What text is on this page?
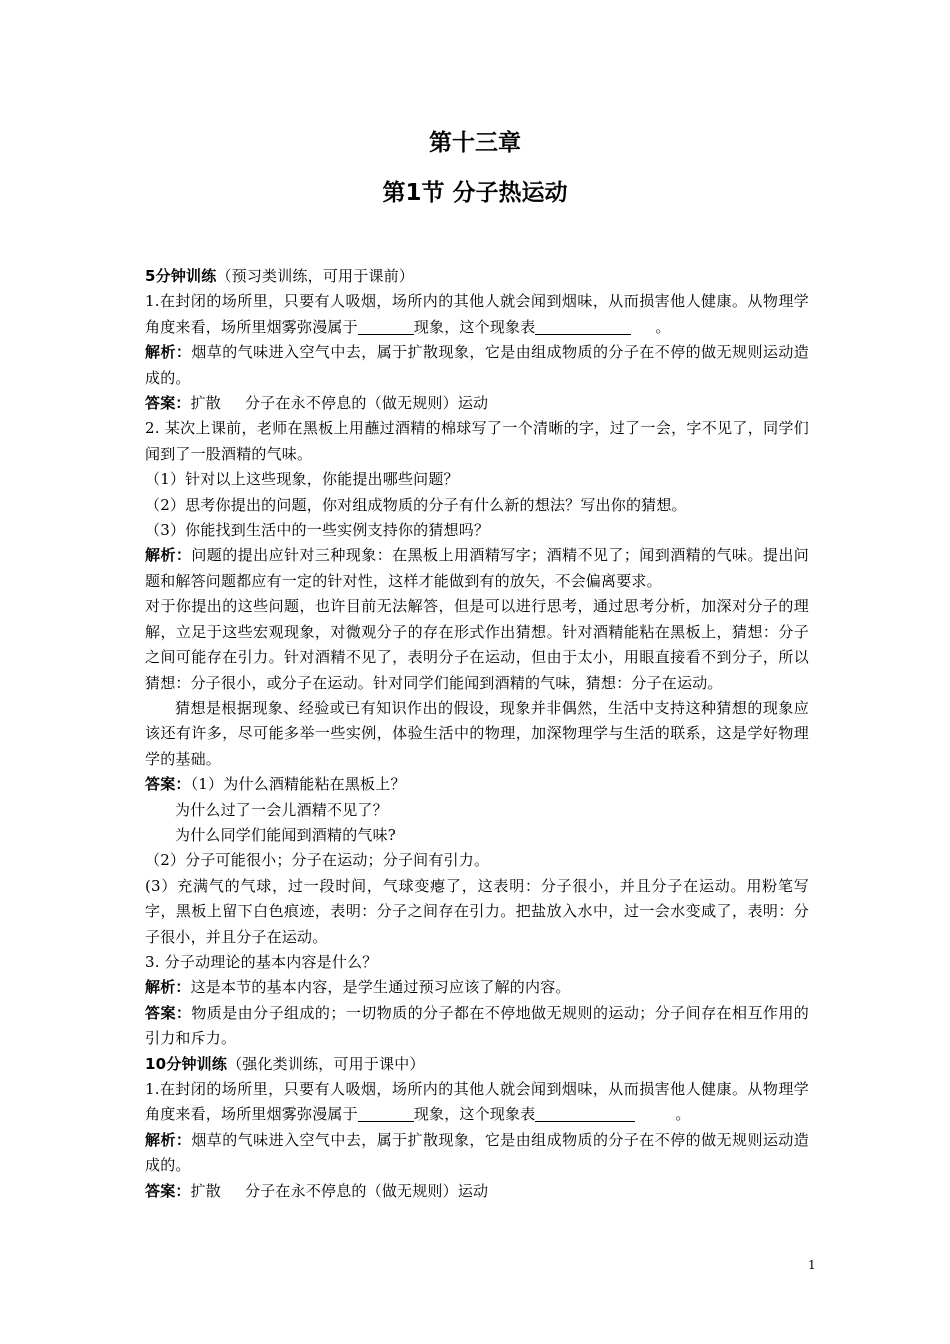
第十三章
第1节 分子热运动

5分钟训练（预习类训练，可用于课前）

1.在封闭的场所里，只要有人吸烟，场所内的其他人就会闻到烟味，从而损害他人健康。从物理学角度来看，场所里烟雾弥漫属于	现象，这个现象表	。

解析：烟草的气味进入空气中去，属于扩散现象，它是由组成物质的分子在不停的做无规则运动造成的。

答案：扩散 分子在永不停息的（做无规则）运动

2. 某次上课前，老师在黑板上用蘸过酒精的棉球写了一个清晰的字，过了一会，字不见了，同学们闻到了一股酒精的气味。

（1）针对以上这些现象，你能提出哪些问题？

（2）思考你提出的问题，你对组成物质的分子有什么新的想法？写出你的猜想。

（3）你能找到生活中的一些实例支持你的猜想吗？

解析：问题的提出应针对三种现象：在黑板上用酒精写字；酒精不见了；闻到酒精的气味。提出问题和解答问题都应有一定的针对性，这样才能做到有的放矢，不会偏离要求。

对于你提出的这些问题，也许目前无法解答，但是可以进行思考，通过思考分析，加深对分子的理解，立足于这些宏观现象，对微观分子的存在形式作出猜想。针对酒精能粘在黑板上，猜想：分子之间可能存在引力。针对酒精不见了，表明分子在运动，但由于太小，用眼直接看不到分子，所以猜想：分子很小，或分子在运动。针对同学们能闻到酒精的气味，猜想：分子在运动。

猜想是根据现象、经验或已有知识作出的假设，现象并非偶然，生活中支持这种猜想的现象应该还有许多，尽可能多举一些实例，体验生活中的物理，加深物理学与生活的联系，这是学好物理学的基础。

答案：（1）为什么酒精能粘在黑板上？

为什么过了一会儿酒精不见了？

为什么同学们能闻到酒精的气味?

（2）分子可能很小；分子在运动；分子间有引力。

(3）充满气的气球，过一段时间，气球变瘪了，这表明：分子很小，并且分子在运动。用粉笔写字，黑板上留下白色痕迹，表明：分子之间存在引力。把盐放入水中，过一会水变咸了，表明：分子很小，并且分子在运动。

3. 分子动理论的基本内容是什么？

解析：这是本节的基本内容，是学生通过预习应该了解的内容。

答案：物质是由分子组成的；一切物质的分子都在不停地做无规则的运动；分子间存在相互作用的引力和斥力。

10分钟训练（强化类训练，可用于课中）

1.在封闭的场所里，只要有人吸烟，场所内的其他人就会闻到烟味，从而损害他人健康。从物理学角度来看，场所里烟雾弥漫属于	现象，这个现象表	。

解析：烟草的气味进入空气中去，属于扩散现象，它是由组成物质的分子在不停的做无规则运动造成的。

答案：扩散 分子在永不停息的（做无规则）运动

1
